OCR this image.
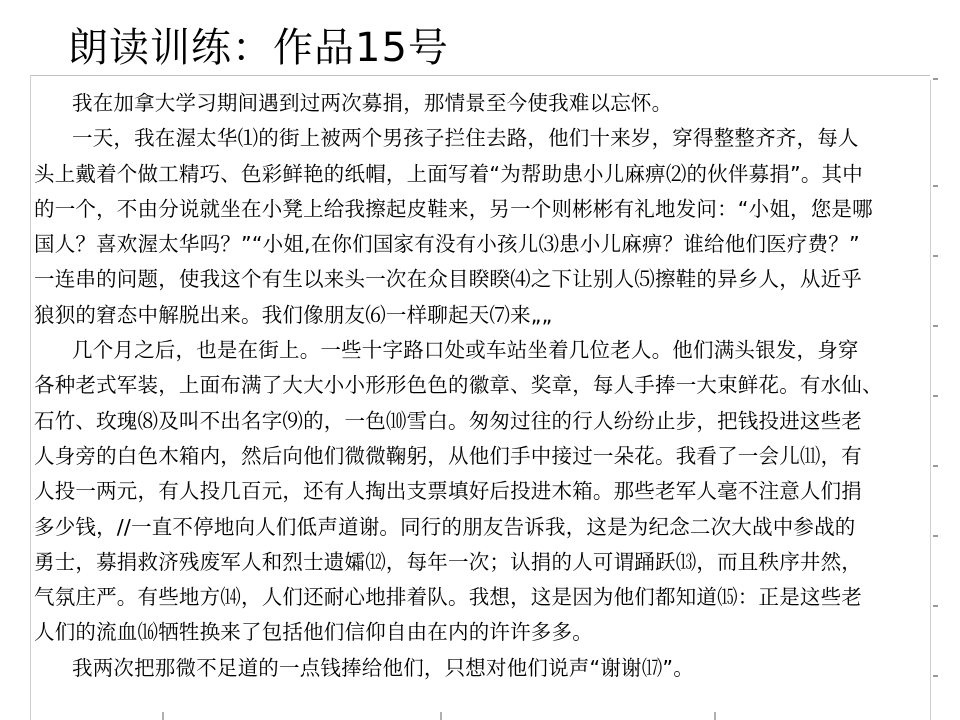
朗读训练：作品15号
我在加拿大学习期间遇到过两次募捐，那情景至今使我难以忘怀。
一天，我在渥太华⑴的街上被两个男孩子拦住去路，他们十来岁，穿得整整齐齐，每人
头上戴着个做工精巧、色彩鲜艳的纸帽，上面写着“为帮助患小儿麻痹⑵的伙伴募捐”。其中
的一个，不由分说就坐在小凳上给我擦起皮鞋来，另一个则彬彬有礼地发问：“小姐，您是哪
国人？喜欢渥太华吗？”“小姐,在你们国家有没有小孩儿⑶患小儿麻痹？谁给他们医疗费？”
一连串的问题，使我这个有生以来头一次在众目睽睽⑷之下让别人⑸擦鞋的异乡人，从近乎
狼狈的窘态中解脱出来。我们像朋友⑹一样聊起天⑺来„„
几个月之后，也是在街上。一些十字路口处或车站坐着几位老人。他们满头银发，身穿
各种老式军装，上面布满了大大小小形形色色的徽章、奖章，每人手捧一大束鲜花。有水仙、
石竹、玫瑰⑻及叫不出名字⑼的，一色⑽雪白。匆匆过往的行人纷纷止步，把钱投进这些老
人身旁的白色木箱内，然后向他们微微鞠躬，从他们手中接过一朵花。我看了一会儿⑾，有
人投一两元，有人投几百元，还有人掏出支票填好后投进木箱。那些老军人毫不注意人们捐
多少钱，//一直不停地向人们低声道谢。同行的朋友告诉我，这是为纪念二次大战中参战的
勇士，募捐救济残废军人和烈士遗孀⑿，每年一次；认捐的人可谓踊跃⒀，而且秩序井然，
气氛庄严。有些地方⒁，人们还耐心地排着队。我想，这是因为他们都知道⒂：正是这些老
人们的流血⒃牺牲换来了包括他们信仰自由在内的许许多多。
我两次把那微不足道的一点钱捧给他们，只想对他们说声“谢谢⒄”。
